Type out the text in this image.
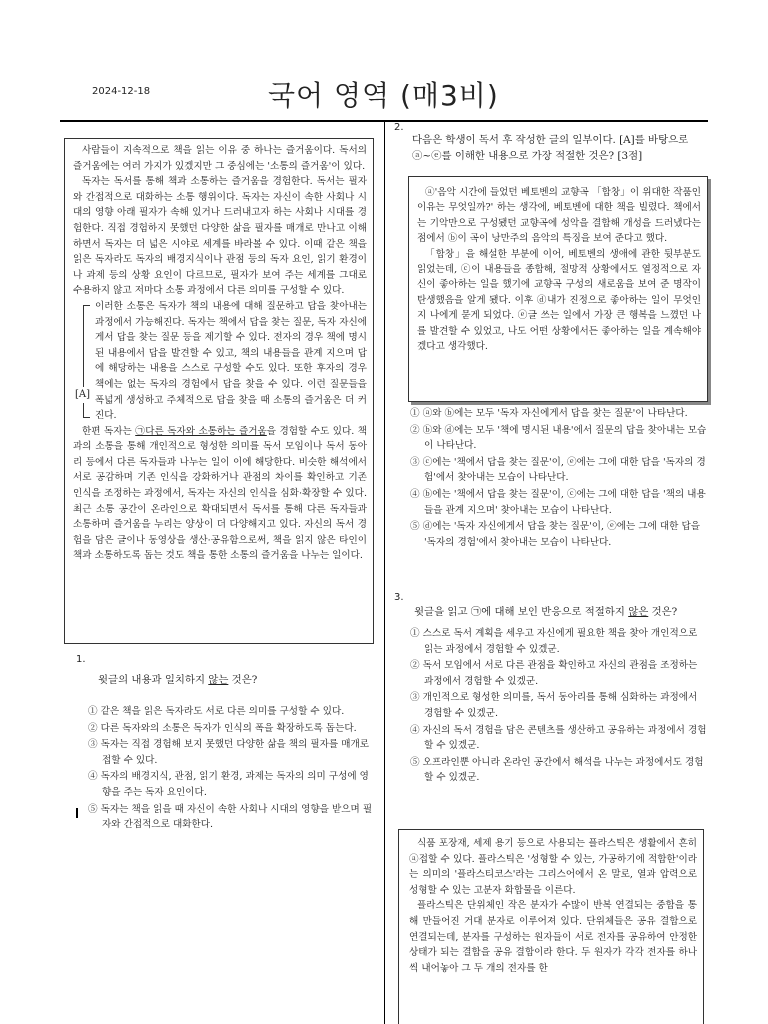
2024-12-18	국어 영역 (매3비)

사람들이 지속적으로 책을 읽는 이유 중 하나는 즐거움이다. 독서의 즐거움에는 여러 가지가 있겠지만 그 중심에는 '소통의 즐거움'이 있다.

독자는 독서를 통해 책과 소통하는 즐거움을 경험한다. 독서는 필자와 간접적으로 대화하는 소통 행위이다. 독자는 자신이 속한 사회나 시대의 영향 아래 필자가 속해 있거나 드러내고자 하는 사회나 시대를 경험한다. 직접 경험하지 못했던 다양한 삶을 필자를 매개로 만나고 이해하면서 독자는 더 넓은 시야로 세계를 바라볼 수 있다. 이때 같은 책을 읽은 독자라도 독자의 배경지식이나 관점 등의 독자 요인, 읽기 환경이나 과제 등의 상황 요인이 다르므로, 필자가 보여 주는 세계를 그대로 수용하지 않고 저마다 소통 과정에서 다른 의미를 구성할 수 있다.

[A]

이러한 소통은 독자가 책의 내용에 대해 질문하고 답을 찾아내는 과정에서 가능해진다. 독자는 책에서 답을 찾는 질문, 독자 자신에게서 답을 찾는 질문 등을 제기할 수 있다. 전자의 경우 책에 명시된 내용에서 답을 발견할 수 있고, 책의 내용들을 관계 지으며 답에 해당하는 내용을 스스로 구성할 수도 있다. 또한 후자의 경우 책에는 없는 독자의 경험에서 답을 찾을 수 있다. 이런 질문들을 폭넓게 생성하고 주체적으로 답을 찾을 때 소통의 즐거움은 더 커진다.

한편 독자는 ㉠다른 독자와 소통하는 즐거움을 경험할 수도 있다. 책과의 소통을 통해 개인적으로 형성한 의미를 독서 모임이나 독서 동아리 등에서 다른 독자들과 나누는 일이 이에 해당한다. 비슷한 해석에서 서로 공감하며 기존 인식을 강화하거나 관점의 차이를 확인하고 기존 인식을 조정하는 과정에서, 독자는 자신의 인식을 심화·확장할 수 있다. 최근 소통 공간이 온라인으로 확대되면서 독서를 통해 다른 독자들과 소통하며 즐거움을 누리는 양상이 더 다양해지고 있다. 자신의 독서 경험을 담은 글이나 동영상을 생산·공유함으로써, 책을 읽지 않은 타인이 책과 소통하도록 돕는 것도 책을 통한 소통의 즐거움을 나누는 일이다.

1.
윗글의 내용과 일치하지 않는 것은?
① 같은 책을 읽은 독자라도 서로 다른 의미를 구성할 수 있다.
② 다른 독자와의 소통은 독자가 인식의 폭을 확장하도록 돕는다.
③ 독자는 직접 경험해 보지 못했던 다양한 삶을 책의 필자를 매개로 접할 수 있다.
④ 독자의 배경지식, 관점, 읽기 환경, 과제는 독자의 의미 구성에 영향을 주는 독자 요인이다.
⑤ 독자는 책을 읽을 때 자신이 속한 사회나 시대의 영향을 받으며 필자와 간접적으로 대화한다.
2.
다음은 학생이 독서 후 작성한 글의 일부이다. [A]를 바탕으로 ⓐ~ⓔ를 이해한 내용으로 가장 적절한 것은? [3점]

ⓐ'음악 시간에 들었던 베토벤의 교향곡 「합창」이 위대한 작품인 이유는 무엇일까?' 하는 생각에, 베토벤에 대한 책을 빌렸다. 책에서는 기악만으로 구성됐던 교향곡에 성악을 결합해 개성을 드러냈다는 점에서 ⓑ이 곡이 낭만주의 음악의 특징을 보여 준다고 했다.

「합창」을 해설한 부분에 이어, 베토벤의 생애에 관한 뒷부분도 읽었는데, ⓒ이 내용들을 종합해, 절망적 상황에서도 열정적으로 자신이 좋아하는 일을 했기에 교향곡 구성의 새로움을 보여 준 명작이 탄생했음을 알게 됐다. 이후 ⓓ내가 진정으로 좋아하는 일이 무엇인지 나에게 묻게 되었다. ⓔ글 쓰는 일에서 가장 큰 행복을 느꼈던 나를 발견할 수 있었고, 나도 어떤 상황에서든 좋아하는 일을 계속해야겠다고 생각했다.

① ⓐ와 ⓑ에는 모두 '독자 자신에게서 답을 찾는 질문'이 나타난다.
② ⓑ와 ⓓ에는 모두 '책에 명시된 내용'에서 질문의 답을 찾아내는 모습이 나타난다.
③ ⓒ에는 '책에서 답을 찾는 질문'이, ⓔ에는 그에 대한 답을 '독자의 경험'에서 찾아내는 모습이 나타난다.
④ ⓑ에는 '책에서 답을 찾는 질문'이, ⓒ에는 그에 대한 답을 '책의 내용들을 관계 지으며' 찾아내는 모습이 나타난다.
⑤ ⓓ에는 '독자 자신에게서 답을 찾는 질문'이, ⓔ에는 그에 대한 답을 '독자의 경험'에서 찾아내는 모습이 나타난다.
3.
윗글을 읽고 ㉠에 대해 보인 반응으로 적절하지 않은 것은?
① 스스로 독서 계획을 세우고 자신에게 필요한 책을 찾아 개인적으로 읽는 과정에서 경험할 수 있겠군.
② 독서 모임에서 서로 다른 관점을 확인하고 자신의 관점을 조정하는 과정에서 경험할 수 있겠군.
③ 개인적으로 형성한 의미를, 독서 동아리를 통해 심화하는 과정에서 경험할 수 있겠군.
④ 자신의 독서 경험을 담은 콘텐츠를 생산하고 공유하는 과정에서 경험할 수 있겠군.
⑤ 오프라인뿐 아니라 온라인 공간에서 해석을 나누는 과정에서도 경험할 수 있겠군.

식품 포장재, 세제 용기 등으로 사용되는 플라스틱은 생활에서 흔히 ⓐ접할 수 있다. 플라스틱은 '성형할 수 있는, 가공하기에 적합한'이라는 의미의 '플라스티코스'라는 그리스어에서 온 말로, 열과 압력으로 성형할 수 있는 고분자 화합물을 이른다.

플라스틱은 단위체인 작은 분자가 수많이 반복 연결되는 중합을 통해 만들어진 거대 분자로 이루어져 있다. 단위체들은 공유 결합으로 연결되는데, 분자를 구성하는 원자들이 서로 전자를 공유하여 안정한 상태가 되는 결합을 공유 결합이라 한다. 두 원자가 각각 전자를 하나씩 내어놓아 그 두 개의 전자를 한
